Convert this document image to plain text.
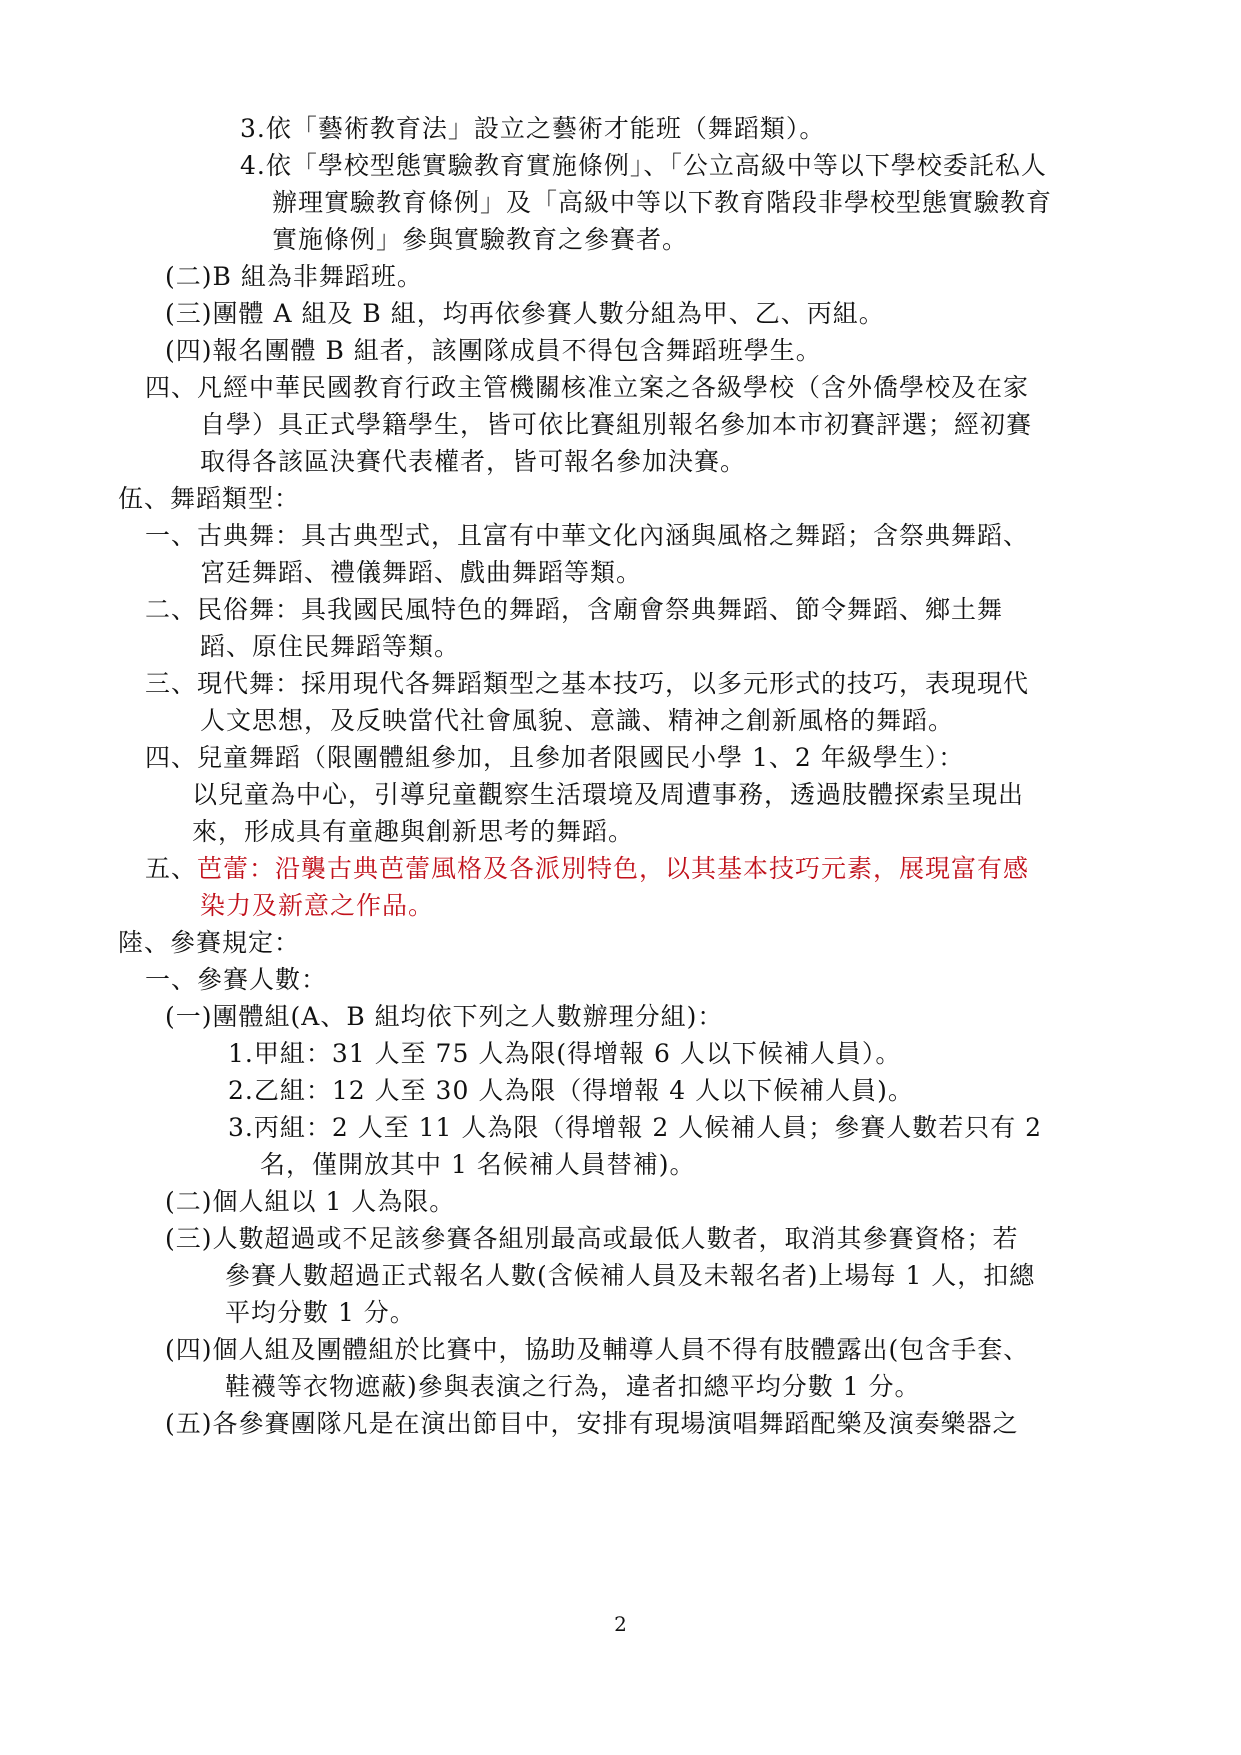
3.依「藝術教育法」設立之藝術才能班（舞蹈類）。
4.依「學校型態實驗教育實施條例」、「公立高級中等以下學校委託私人
辦理實驗教育條例」及「高級中等以下教育階段非學校型態實驗教育
實施條例」參與實驗教育之參賽者。
(二)B 組為非舞蹈班。
(三)團體 A 組及 B 組，均再依參賽人數分組為甲、乙、丙組。
(四)報名團體 B 組者，該團隊成員不得包含舞蹈班學生。
四、凡經中華民國教育行政主管機關核准立案之各級學校（含外僑學校及在家
自學）具正式學籍學生，皆可依比賽組別報名參加本市初賽評選；經初賽
取得各該區決賽代表權者，皆可報名參加決賽。
伍、舞蹈類型：
一、古典舞：具古典型式，且富有中華文化內涵與風格之舞蹈；含祭典舞蹈、
宮廷舞蹈、禮儀舞蹈、戲曲舞蹈等類。
二、民俗舞：具我國民風特色的舞蹈，含廟會祭典舞蹈、節令舞蹈、鄉土舞
蹈、原住民舞蹈等類。
三、現代舞：採用現代各舞蹈類型之基本技巧，以多元形式的技巧，表現現代
人文思想，及反映當代社會風貌、意識、精神之創新風格的舞蹈。
四、兒童舞蹈（限團體組參加，且參加者限國民小學 1、2 年級學生）：
以兒童為中心，引導兒童觀察生活環境及周遭事務，透過肢體探索呈現出
來，形成具有童趣與創新思考的舞蹈。
五、芭蕾：沿襲古典芭蕾風格及各派別特色，以其基本技巧元素，展現富有感
染力及新意之作品。
陸、參賽規定：
一、參賽人數：
(一)團體組(A、B 組均依下列之人數辦理分組)：
1.甲組：31 人至 75 人為限(得增報 6 人以下候補人員）。
2.乙組：12 人至 30 人為限（得增報 4 人以下候補人員)。
3.丙組：2 人至 11 人為限（得增報 2 人候補人員；參賽人數若只有 2
名，僅開放其中 1 名候補人員替補)。
(二)個人組以 1 人為限。
(三)人數超過或不足該參賽各組別最高或最低人數者，取消其參賽資格；若
參賽人數超過正式報名人數(含候補人員及未報名者)上場每 1 人，扣總
平均分數 1 分。
(四)個人組及團體組於比賽中，協助及輔導人員不得有肢體露出(包含手套、
鞋襪等衣物遮蔽)參與表演之行為，違者扣總平均分數 1 分。
(五)各參賽團隊凡是在演出節目中，安排有現場演唱舞蹈配樂及演奏樂器之
2
